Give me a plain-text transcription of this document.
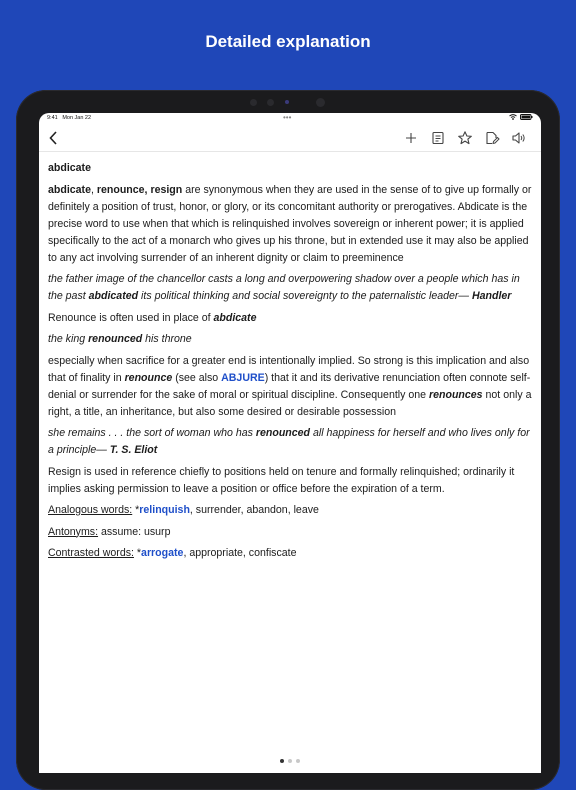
Detailed explanation
9:41 Mon Jan 22	•••

abdicate

abdicate, renounce, resign are synonymous when they are used in the sense of to give up formally or definitely a position of trust, honor, or glory, or its concomitant authority or prerogatives. Abdicate is the precise word to use when that which is relinquished involves sovereign or inherent power; it is applied specifically to the act of a monarch who gives up his throne, but in extended use it may also be applied to any act involving surrender of an inherent dignity or claim to preeminence

the father image of the chancellor casts a long and overpowering shadow over a people which has in the past abdicated its political thinking and social sovereignty to the paternalistic leader— Handler

Renounce is often used in place of abdicate

the king renounced his throne

especially when sacrifice for a greater end is intentionally implied. So strong is this implication and also that of finality in renounce (see also ABJURE) that it and its derivative renunciation often connote self-denial or surrender for the sake of moral or spiritual discipline. Consequently one renounces not only a right, a title, an inheritance, but also some desired or desirable possession

she remains . . . the sort of woman who has renounced all happiness for herself and who lives only for a principle— T. S. Eliot

Resign is used in reference chiefly to positions held on tenure and formally relinquished; ordinarily it implies asking permission to leave a position or office before the expiration of a term.

Analogous words: *relinquish, surrender, abandon, leave

Antonyms: assume: usurp

Contrasted words: *arrogate, appropriate, confiscate
